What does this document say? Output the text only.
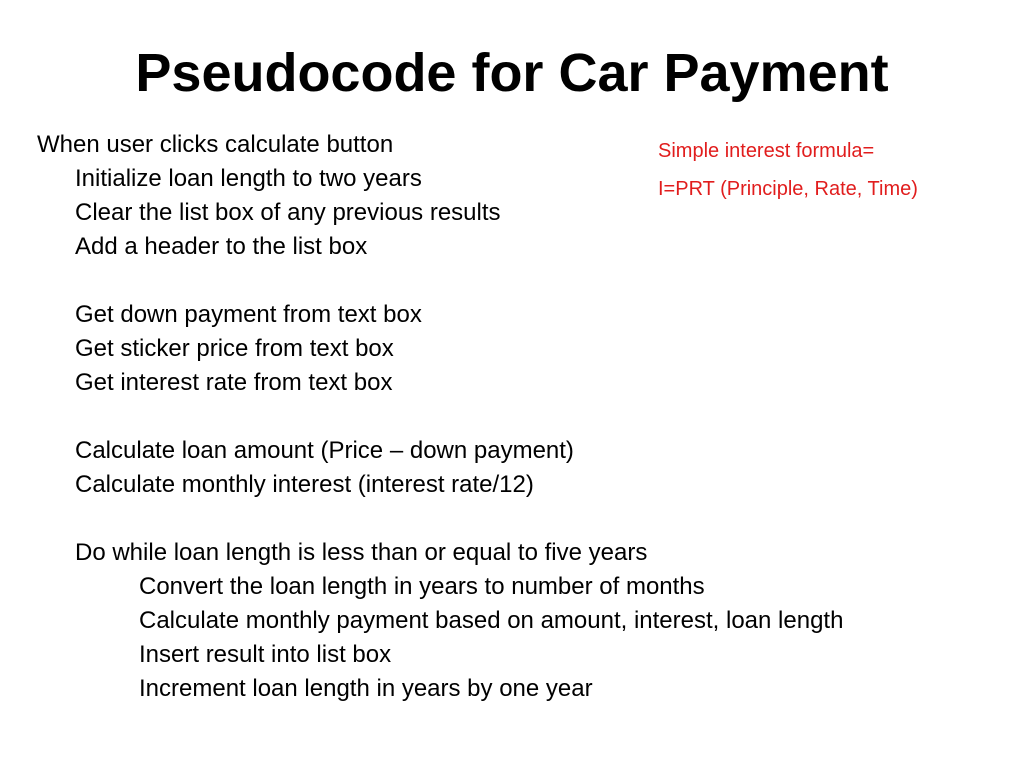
Pseudocode for Car Payment
When user clicks calculate button
Initialize loan length to two years
Clear the list box of any previous results
Add a header to the list box
Get down payment from text box
Get sticker price from text box
Get interest rate from text box
Calculate loan amount (Price – down payment)
Calculate monthly interest (interest rate/12)
Do while loan length is less than or equal to five years
Convert the loan length in years to number of months
Calculate monthly payment based on amount, interest, loan length
Insert result into list box
Increment loan length in years by one year

Simple interest formula=

I=PRT (Principle, Rate, Time)
